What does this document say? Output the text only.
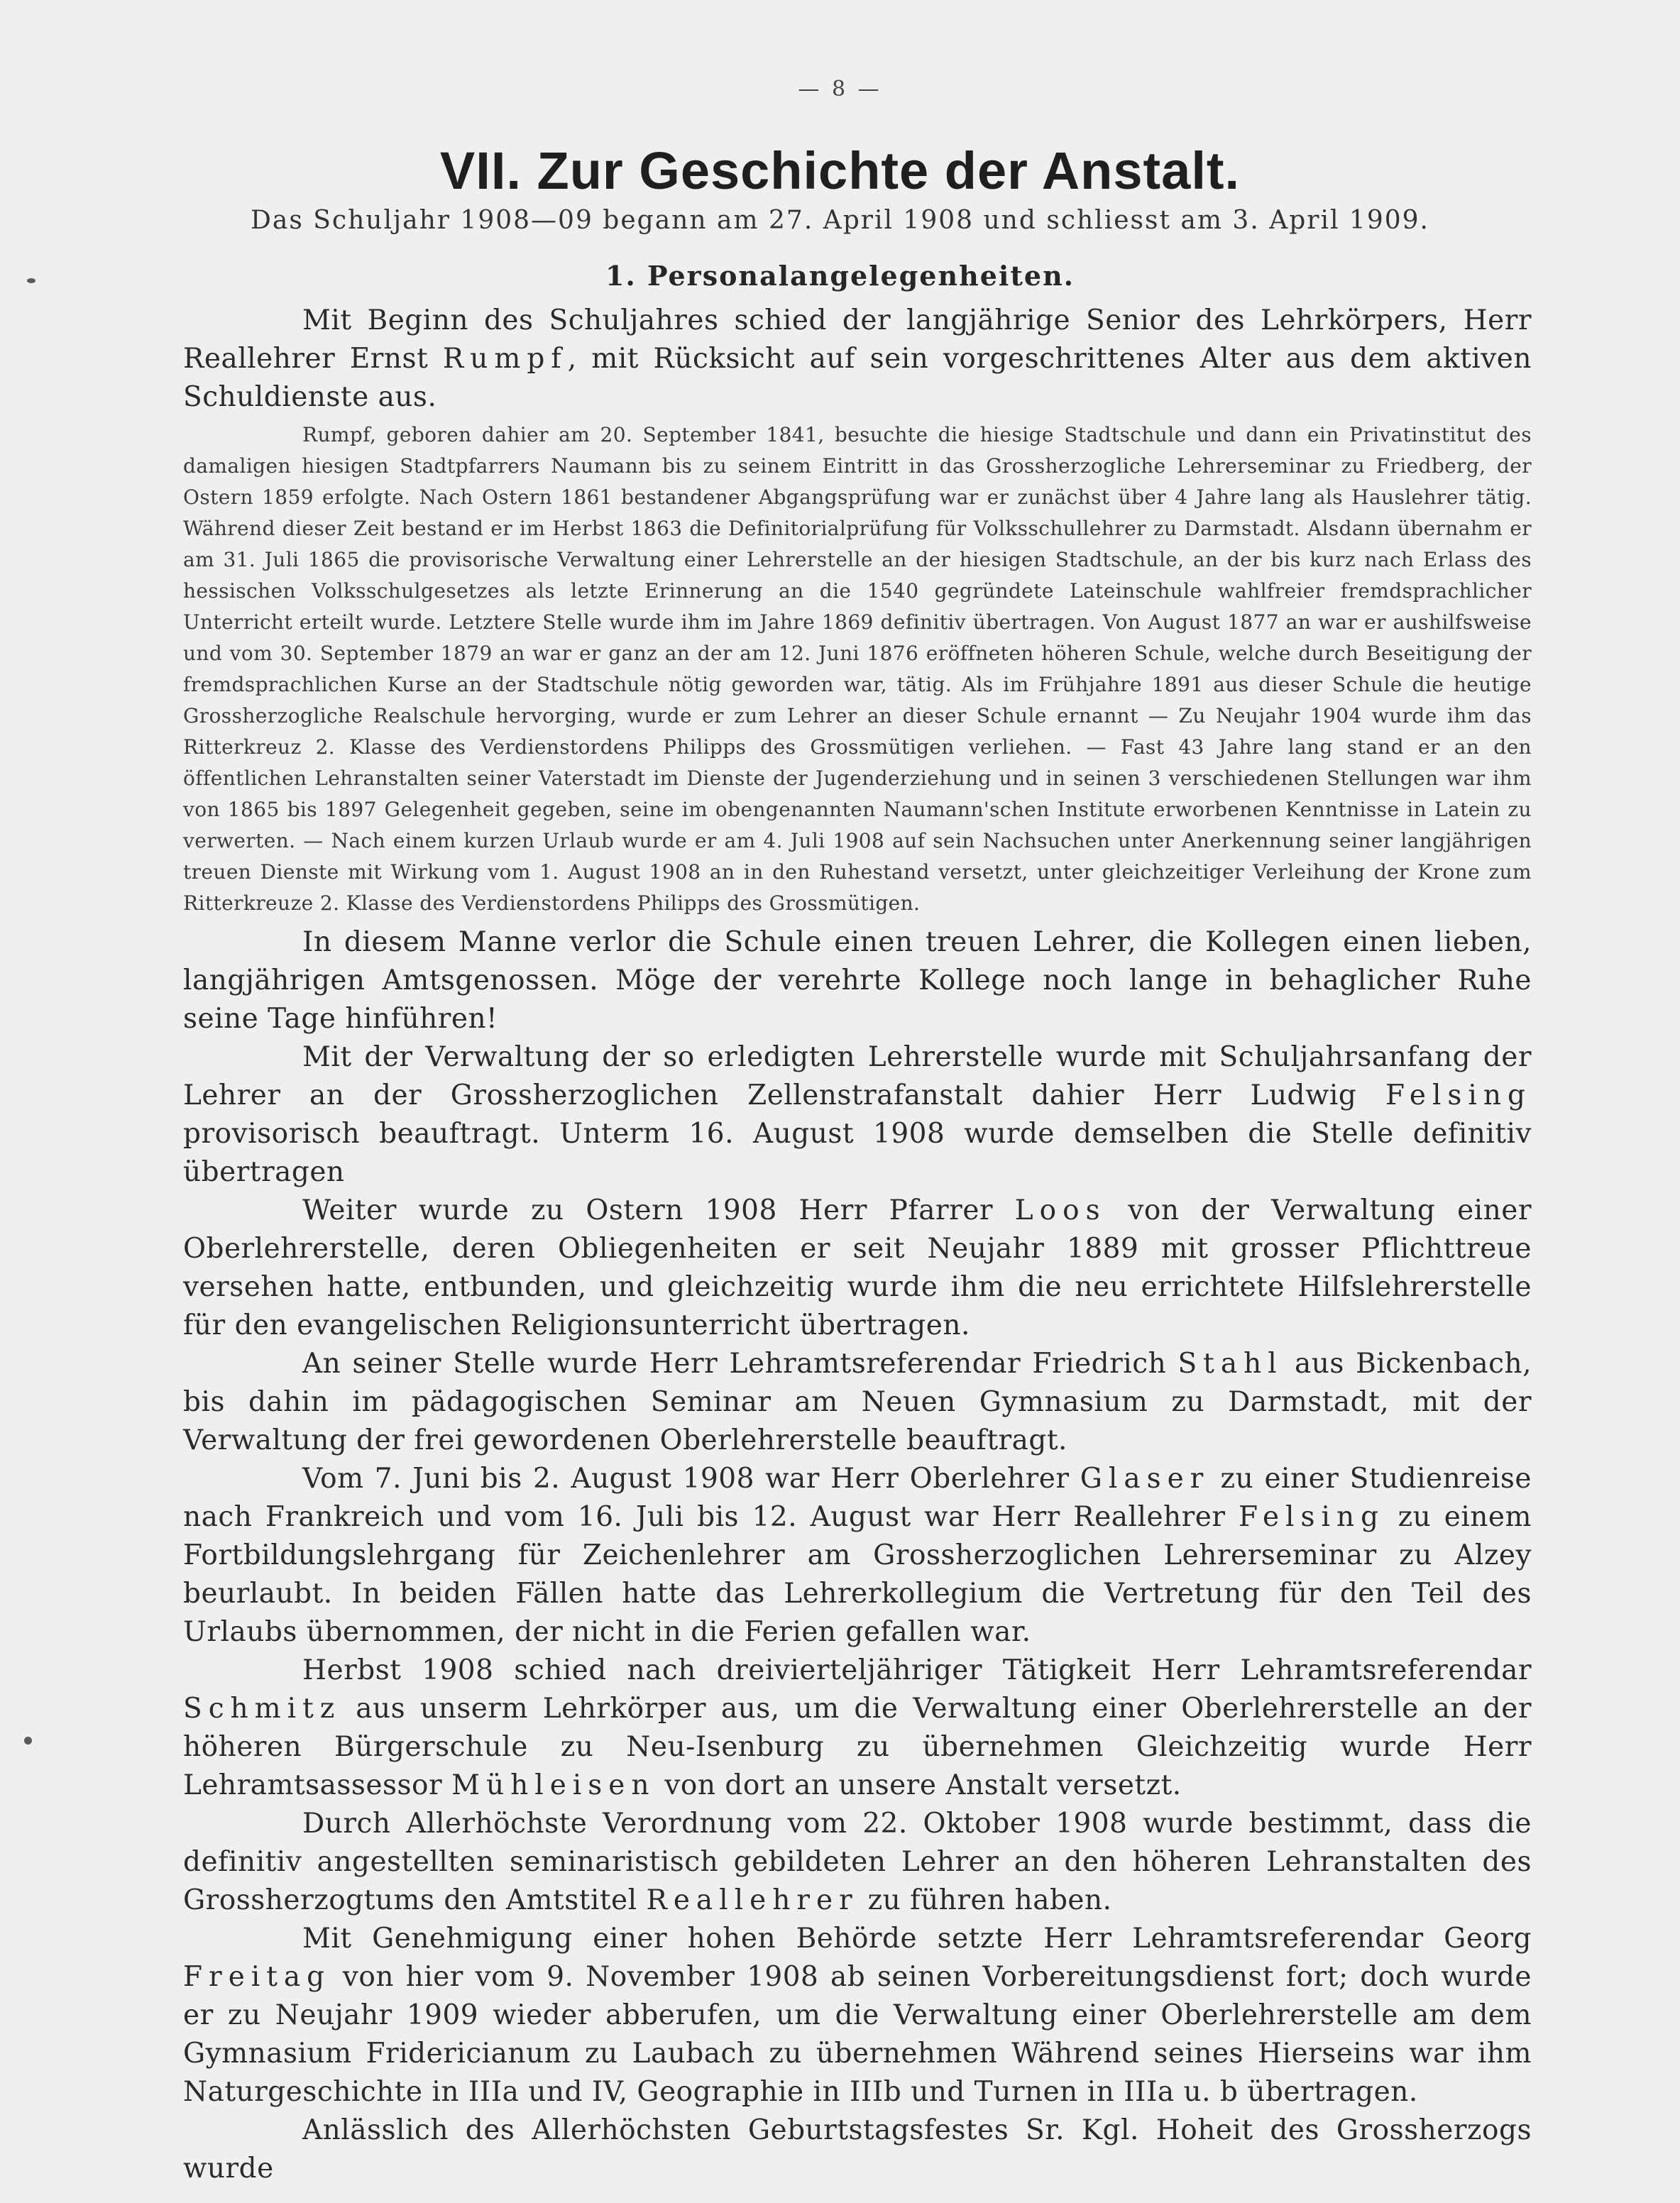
— 8 —
VII. Zur Geschichte der Anstalt.
Das Schuljahr 1908—09 begann am 27. April 1908 und schliesst am 3. April 1909.
1. Personalangelegenheiten.

Mit Beginn des Schuljahres schied der langjährige Senior des Lehrkörpers, Herr Reallehrer Ernst Rumpf, mit Rücksicht auf sein vorgeschrittenes Alter aus dem aktiven Schuldienste aus.

Rumpf, geboren dahier am 20. September 1841, besuchte die hiesige Stadtschule und dann ein Privatinstitut des damaligen hiesigen Stadtpfarrers Naumann bis zu seinem Eintritt in das Grossherzogliche Lehrerseminar zu Friedberg, der Ostern 1859 erfolgte. Nach Ostern 1861 bestandener Abgangsprüfung war er zunächst über 4 Jahre lang als Hauslehrer tätig. Während dieser Zeit bestand er im Herbst 1863 die Definitorialprüfung für Volksschullehrer zu Darmstadt. Alsdann übernahm er am 31. Juli 1865 die provisorische Verwaltung einer Lehrerstelle an der hiesigen Stadtschule, an der bis kurz nach Erlass des hessischen Volksschulgesetzes als letzte Erinnerung an die 1540 gegründete Lateinschule wahlfreier fremdsprachlicher Unterricht erteilt wurde. Letztere Stelle wurde ihm im Jahre 1869 definitiv übertragen. Von August 1877 an war er aushilfsweise und vom 30. September 1879 an war er ganz an der am 12. Juni 1876 eröffneten höheren Schule, welche durch Beseitigung der fremdsprachlichen Kurse an der Stadtschule nötig geworden war, tätig. Als im Frühjahre 1891 aus dieser Schule die heutige Grossherzogliche Realschule hervorging, wurde er zum Lehrer an dieser Schule ernannt — Zu Neujahr 1904 wurde ihm das Ritterkreuz 2. Klasse des Verdienstordens Philipps des Grossmütigen verliehen. — Fast 43 Jahre lang stand er an den öffentlichen Lehranstalten seiner Vaterstadt im Dienste der Jugenderziehung und in seinen 3 verschiedenen Stellungen war ihm von 1865 bis 1897 Gelegenheit gegeben, seine im obengenannten Naumann'schen Institute erworbenen Kenntnisse in Latein zu verwerten. — Nach einem kurzen Urlaub wurde er am 4. Juli 1908 auf sein Nachsuchen unter Anerkennung seiner langjährigen treuen Dienste mit Wirkung vom 1. August 1908 an in den Ruhestand versetzt, unter gleichzeitiger Verleihung der Krone zum Ritterkreuze 2. Klasse des Verdienstordens Philipps des Grossmütigen.

In diesem Manne verlor die Schule einen treuen Lehrer, die Kollegen einen lieben, langjährigen Amtsgenossen. Möge der verehrte Kollege noch lange in behaglicher Ruhe seine Tage hinführen!

Mit der Verwaltung der so erledigten Lehrerstelle wurde mit Schuljahrsanfang der Lehrer an der Grossherzoglichen Zellenstrafanstalt dahier Herr Ludwig Felsing provisorisch beauftragt. Unterm 16. August 1908 wurde demselben die Stelle definitiv übertragen

Weiter wurde zu Ostern 1908 Herr Pfarrer Loos von der Verwaltung einer Oberlehrerstelle, deren Obliegenheiten er seit Neujahr 1889 mit grosser Pflichttreue versehen hatte, entbunden, und gleichzeitig wurde ihm die neu errichtete Hilfslehrerstelle für den evangelischen Religionsunterricht übertragen.

An seiner Stelle wurde Herr Lehramtsreferendar Friedrich Stahl aus Bickenbach, bis dahin im pädagogischen Seminar am Neuen Gymnasium zu Darmstadt, mit der Verwaltung der frei gewordenen Oberlehrerstelle beauftragt.

Vom 7. Juni bis 2. August 1908 war Herr Oberlehrer Glaser zu einer Studienreise nach Frankreich und vom 16. Juli bis 12. August war Herr Reallehrer Felsing zu einem Fortbildungslehrgang für Zeichenlehrer am Grossherzoglichen Lehrerseminar zu Alzey beurlaubt. In beiden Fällen hatte das Lehrerkollegium die Vertretung für den Teil des Urlaubs übernommen, der nicht in die Ferien gefallen war.

Herbst 1908 schied nach dreivierteljähriger Tätigkeit Herr Lehramtsreferendar Schmitz aus unserm Lehrkörper aus, um die Verwaltung einer Oberlehrerstelle an der höheren Bürgerschule zu Neu-Isenburg zu übernehmen Gleichzeitig wurde Herr Lehramtsassessor Mühleisen von dort an unsere Anstalt versetzt.

Durch Allerhöchste Verordnung vom 22. Oktober 1908 wurde bestimmt, dass die definitiv angestellten seminaristisch gebildeten Lehrer an den höheren Lehranstalten des Grossherzogtums den Amtstitel Reallehrer zu führen haben.

Mit Genehmigung einer hohen Behörde setzte Herr Lehramtsreferendar Georg Freitag von hier vom 9. November 1908 ab seinen Vorbereitungsdienst fort; doch wurde er zu Neujahr 1909 wieder abberufen, um die Verwaltung einer Oberlehrerstelle am dem Gymnasium Fridericianum zu Laubach zu übernehmen Während seines Hierseins war ihm Naturgeschichte in IIIa und IV, Geographie in IIIb und Turnen in IIIa u. b übertragen.

Anlässlich des Allerhöchsten Geburtstagsfestes Sr. Kgl. Hoheit des Grossherzogs wurde
